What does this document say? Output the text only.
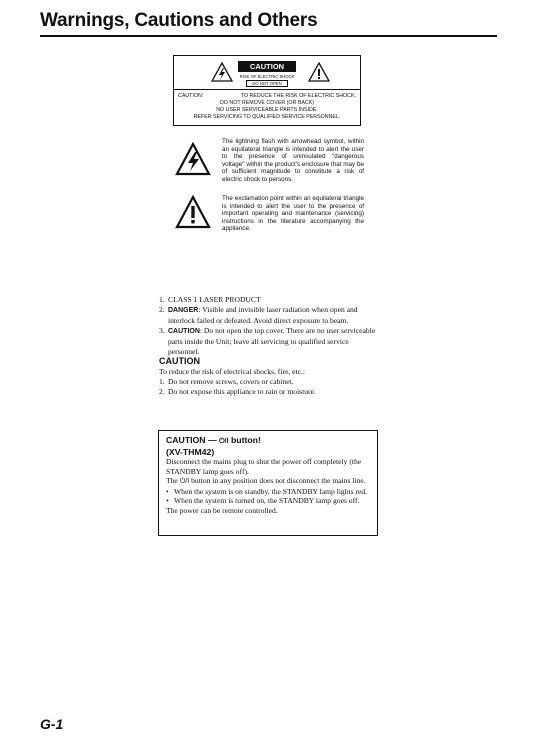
Warnings, Cautions and Others
CAUTION
RISK OF ELECTRIC SHOCK
DO NOT OPEN
CAUTION:	TO REDUCE THE RISK OF ELECTRIC SHOCK.
DO NOT REMOVE COVER (OR BACK)
NO USER SERVICEABLE PARTS INSIDE.
REFER SERVICING TO QUALIFIED SERVICE PERSONNEL.
The lightning flash with arrowhead symbol, within an equilateral triangle is intended to alert the user to the presence of uninsulated "dangerous voltage" within the product's enclosure that may be of sufficient magnitude to constitute a risk of electric shock to persons.
The exclamation point within an equilateral triangle is intended to alert the user to the presence of important operating and maintenance (servicing) instructions in the literature accompanying the appliance.
1. CLASS 1 LASER PRODUCT
2. DANGER: Visible and invisible laser radiation when open and interlock failed or defeated. Avoid direct exposure to beam.
3. CAUTION: Do not open the top cover. There are no user serviceable parts inside the Unit; leave all servicing to qualified service personnel.
CAUTION
To reduce the risk of electrical shocks, fire, etc.:
1. Do not remove screws, covers or cabinet.
2. Do not expose this appliance to rain or moisture.
CAUTION — ⏻/I button!
(XV-THM42)
Disconnect the mains plug to shut the power off completely (the STANDBY lamp goes off).
The ⏻/I button in any position does not disconnect the mains line.
• When the system is on standby, the STANDBY lamp lights red.
• When the system is turned on, the STANDBY lamp goes off.
The power can be remote controlled.
G-1
